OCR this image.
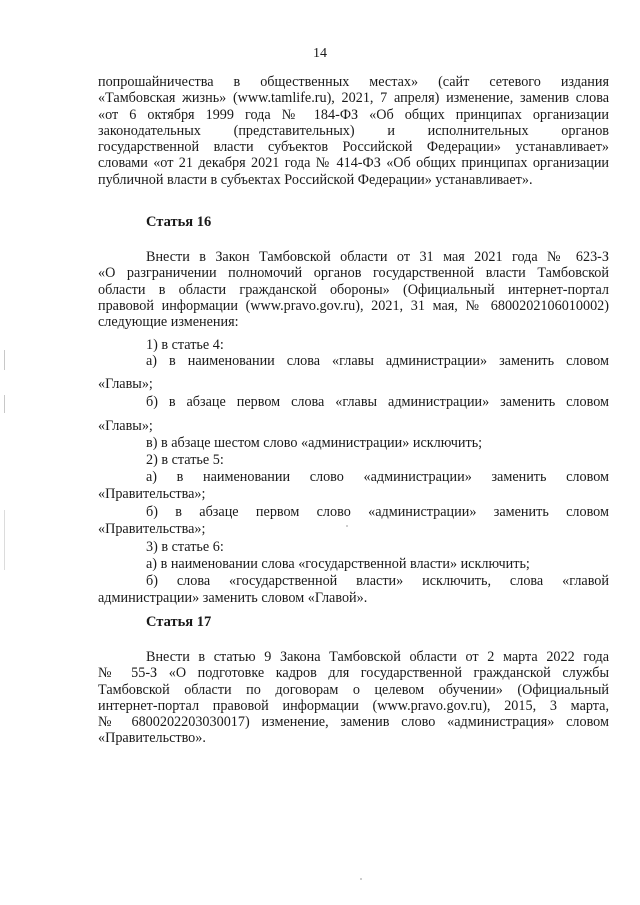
14
попрошайничества в общественных местах» (сайт сетевого издания
«Тамбовская жизнь» (www.tamlife.ru), 2021, 7 апреля) изменение, заменив слова
«от 6 октября 1999 года № 184-ФЗ «Об общих принципах организации
законодательных (представительных) и исполнительных органов
государственной власти субъектов Российской Федерации» устанавливает»
словами «от 21 декабря 2021 года № 414-ФЗ «Об общих принципах организации
публичной власти в субъектах Российской Федерации» устанавливает».
Статья 16
Внести в Закон Тамбовской области от 31 мая 2021 года № 623-З
«О разграничении полномочий органов государственной власти Тамбовской
области в области гражданской обороны» (Официальный интернет-портал
правовой информации (www.pravo.gov.ru), 2021, 31 мая, № 6800202106010002)
следующие изменения:
1) в статье 4:
а) в наименовании слова «главы администрации» заменить словом
«Главы»;
б) в абзаце первом слова «главы администрации» заменить словом
«Главы»;
в) в абзаце шестом слово «администрации» исключить;
2) в статье 5:
а) в наименовании слово «администрации» заменить словом
«Правительства»;
б) в абзаце первом слово «администрации» заменить словом
«Правительства»;
3) в статье 6:
а) в наименовании слова «государственной власти» исключить;
б) слова «государственной власти» исключить, слова «главой
администрации» заменить словом «Главой».
Статья 17
Внести в статью 9 Закона Тамбовской области от 2 марта 2022 года
№ 55-З «О подготовке кадров для государственной гражданской службы
Тамбовской области по договорам о целевом обучении» (Официальный
интернет-портал правовой информации (www.pravo.gov.ru), 2015, 3 марта,
№ 6800202203030017) изменение, заменив слово «администрация» словом
«Правительство».
